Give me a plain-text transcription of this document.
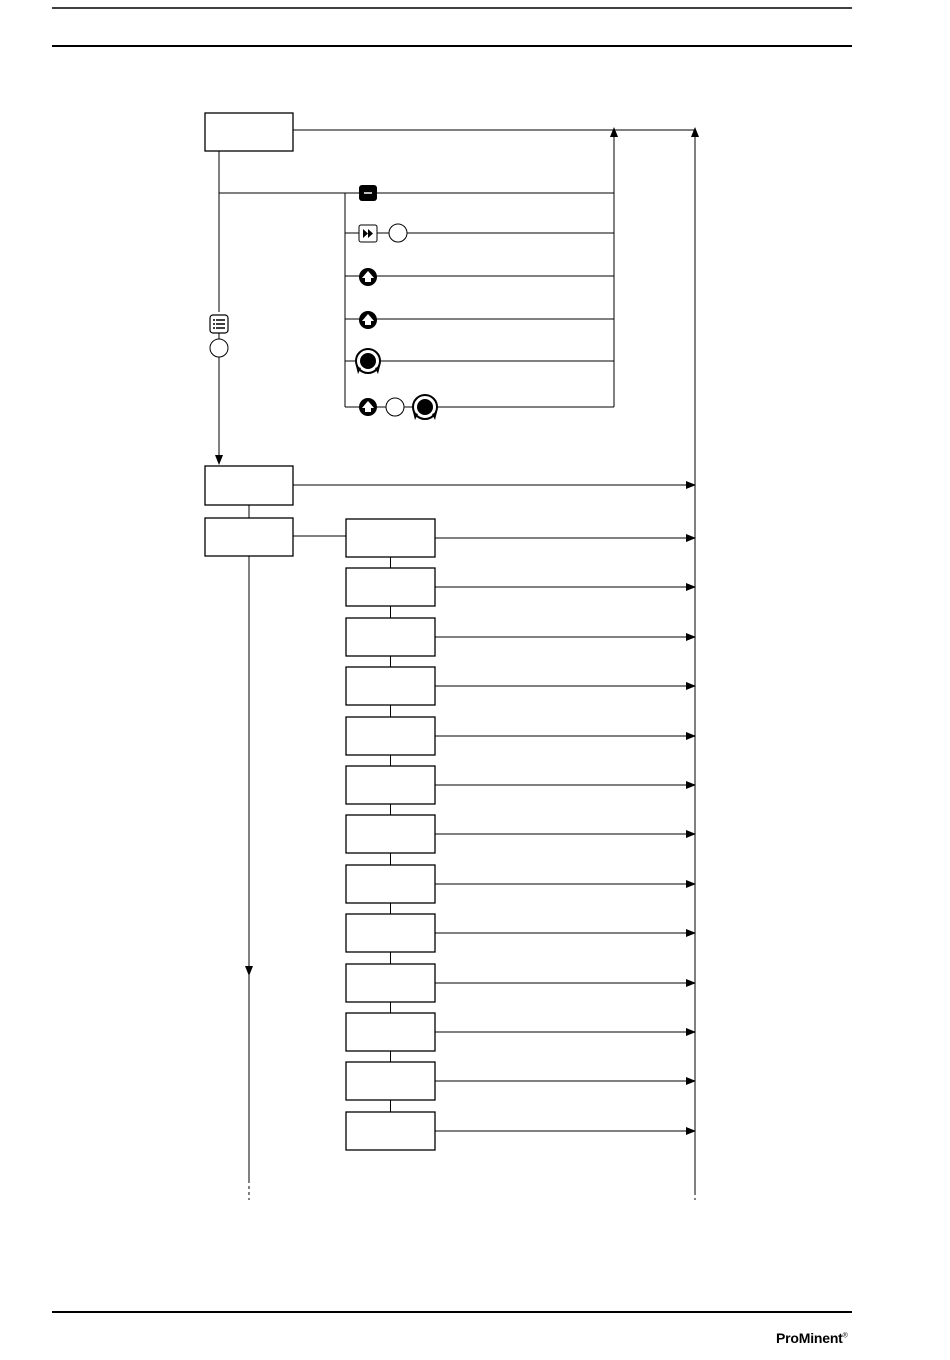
ProMinent®
